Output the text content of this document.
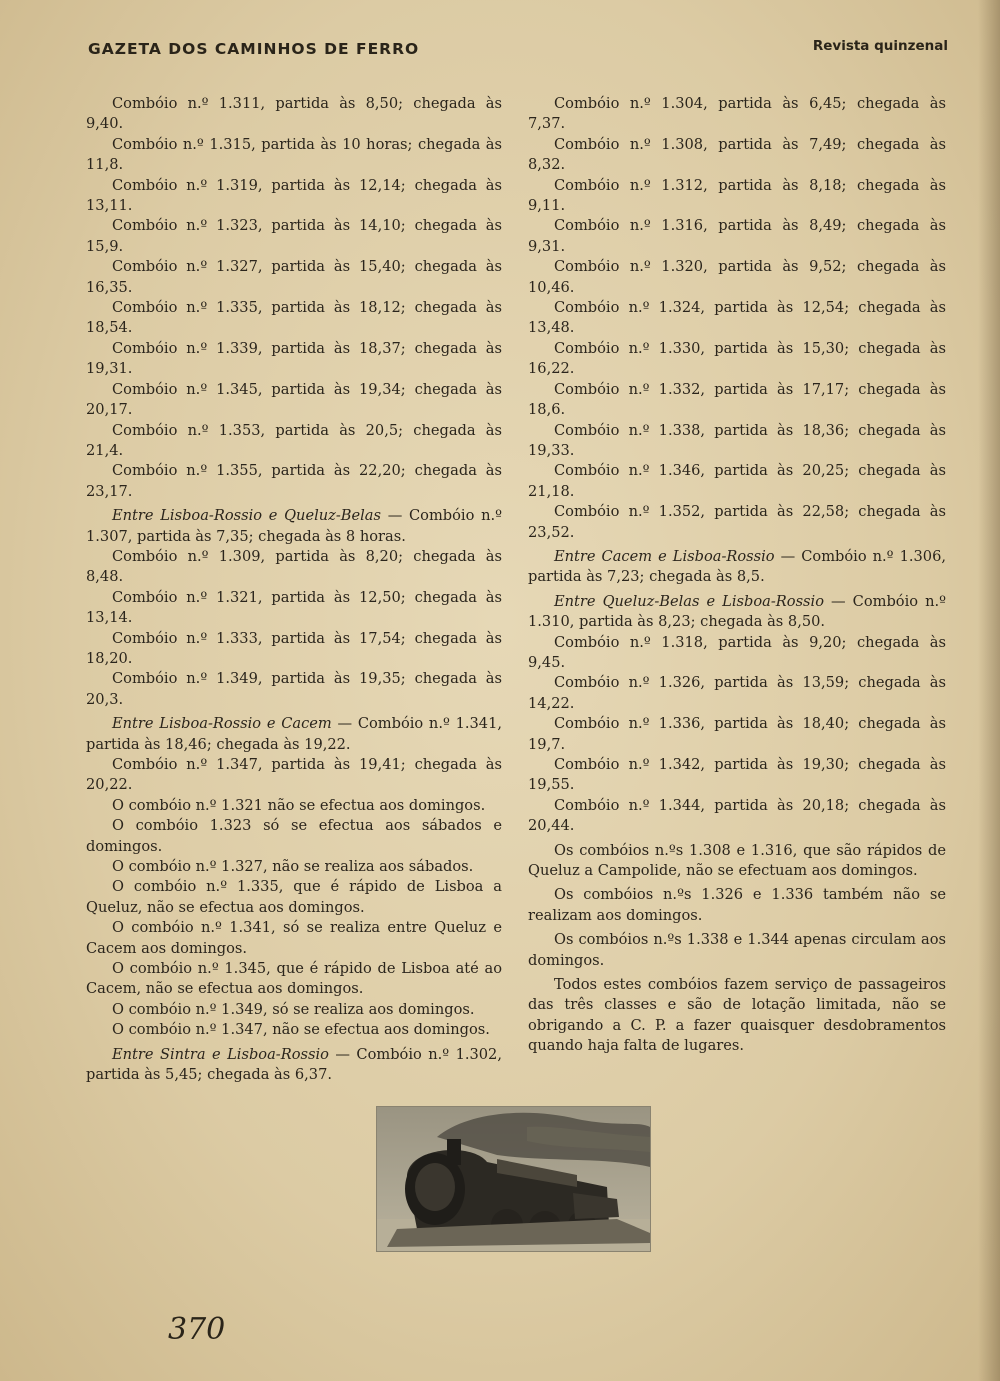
GAZETA DOS CAMINHOS DE FERRO	Revista quinzenal

Combóio n.º 1.311, partida às 8,50; chegada às 9,40.

Combóio n.º 1.315, partida às 10 horas; chegada às 11,8.

Combóio n.º 1.319, partida às 12,14; chegada às 13,11.

Combóio n.º 1.323, partida às 14,10; chegada às 15,9.

Combóio n.º 1.327, partida às 15,40; chegada às 16,35.

Combóio n.º 1.335, partida às 18,12; chegada às 18,54.

Combóio n.º 1.339, partida às 18,37; chegada às 19,31.

Combóio n.º 1.345, partida às 19,34; chegada às 20,17.

Combóio n.º 1.353, partida às 20,5; chegada às 21,4.

Combóio n.º 1.355, partida às 22,20; chegada às 23,17.

Entre Lisboa-Rossio e Queluz-Belas — Combóio n.º 1.307, partida às 7,35; chegada às 8 horas.

Combóio n.º 1.309, partida às 8,20; chegada às 8,48.

Combóio n.º 1.321, partida às 12,50; chegada às 13,14.

Combóio n.º 1.333, partida às 17,54; chegada às 18,20.

Combóio n.º 1.349, partida às 19,35; chegada às 20,3.

Entre Lisboa-Rossio e Cacem — Combóio n.º 1.341, partida às 18,46; chegada às 19,22.

Combóio n.º 1.347, partida às 19,41; chegada às 20,22.

O combóio n.º 1.321 não se efectua aos domingos.

O combóio 1.323 só se efectua aos sábados e domingos.

O combóio n.º 1.327, não se realiza aos sábados.

O combóio n.º 1.335, que é rápido de Lisboa a Queluz, não se efectua aos domingos.

O combóio n.º 1.341, só se realiza entre Queluz e Cacem aos domingos.

O combóio n.º 1.345, que é rápido de Lisboa até ao Cacem, não se efectua aos domingos.

O combóio n.º 1.349, só se realiza aos domingos.

O combóio n.º 1.347, não se efectua aos domingos.

Entre Sintra e Lisboa-Rossio — Combóio n.º 1.302, partida às 5,45; chegada às 6,37.

Combóio n.º 1.304, partida às 6,45; chegada às 7,37.

Combóio n.º 1.308, partida às 7,49; chegada às 8,32.

Combóio n.º 1.312, partida às 8,18; chegada às 9,11.

Combóio n.º 1.316, partida às 8,49; chegada às 9,31.

Combóio n.º 1.320, partida às 9,52; chegada às 10,46.

Combóio n.º 1.324, partida às 12,54; chegada às 13,48.

Combóio n.º 1.330, partida às 15,30; chegada às 16,22.

Combóio n.º 1.332, partida às 17,17; chegada às 18,6.

Combóio n.º 1.338, partida às 18,36; chegada às 19,33.

Combóio n.º 1.346, partida às 20,25; chegada às 21,18.

Combóio n.º 1.352, partida às 22,58; chegada às 23,52.

Entre Cacem e Lisboa-Rossio — Combóio n.º 1.306, partida às 7,23; chegada às 8,5.

Entre Queluz-Belas e Lisboa-Rossio — Combóio n.º 1.310, partida às 8,23; chegada às 8,50.

Combóio n.º 1.318, partida às 9,20; chegada às 9,45.

Combóio n.º 1.326, partida às 13,59; chegada às 14,22.

Combóio n.º 1.336, partida às 18,40; chegada às 19,7.

Combóio n.º 1.342, partida às 19,30; chegada às 19,55.

Combóio n.º 1.344, partida às 20,18; chegada às 20,44.

Os combóios n.ºs 1.308 e 1.316, que são rápidos de Queluz a Campolide, não se efectuam aos domingos.

Os combóios n.ºs 1.326 e 1.336 também não se realizam aos domingos.

Os combóios n.ºs 1.338 e 1.344 apenas circulam aos domingos.

Todos estes combóios fazem serviço de passageiros das três classes e são de lotação limitada, não se obrigando a C. P. a fazer quaisquer desdobramentos quando haja falta de lugares.

370
